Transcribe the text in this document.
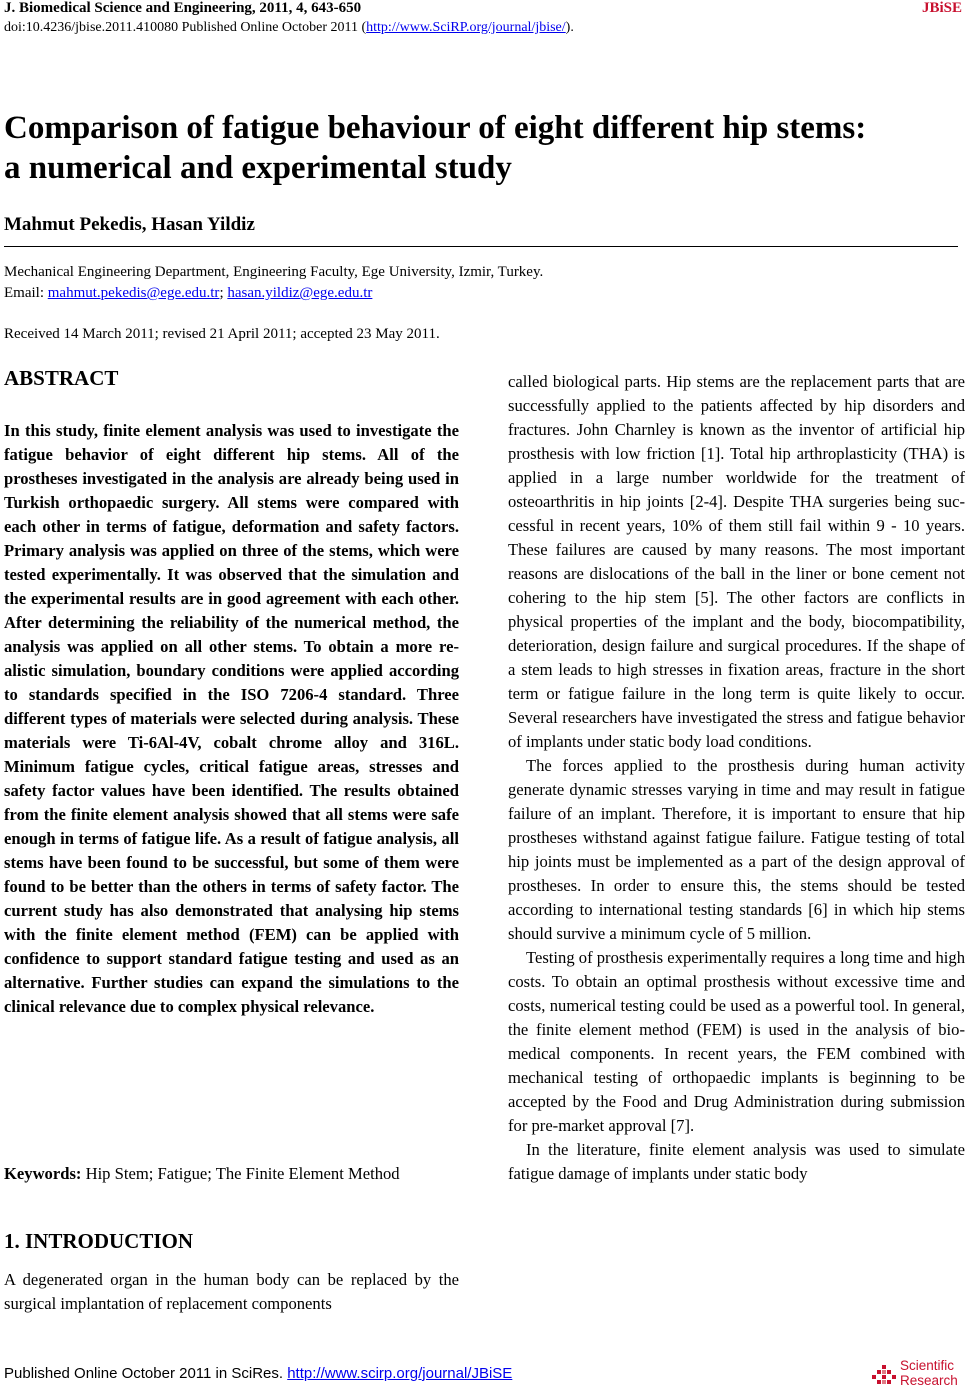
J. Biomedical Science and Engineering, 2011, 4, 643-650	JBiSE
doi:10.4236/jbise.2011.410080 Published Online October 2011 (http://www.SciRP.org/journal/jbise/).
Comparison of fatigue behaviour of eight different hip stems:
a numerical and experimental study
Mahmut Pekedis, Hasan Yildiz
Mechanical Engineering Department, Engineering Faculty, Ege University, Izmir, Turkey.
Email: mahmut.pekedis@ege.edu.tr; hasan.yildiz@ege.edu.tr
Received 14 March 2011; revised 21 April 2011; accepted 23 May 2011.
ABSTRACT
In this study, finite element analysis was used to investigate the fatigue behavior of eight different hip stems. All of the prostheses investigated in the analysis are already being used in Turkish orthopaedic surgery. All stems were compared with each other in terms of fatigue, deformation and safety factors. Primary analysis was applied on three of the stems, which were tested experimentally. It was observed that the simulation and the experimental results are in good agreement with each other. After determining the reliability of the numerical method, the analysis was applied on all other stems. To obtain a more realistic simulation, boundary conditions were applied according to standards specified in the ISO 7206-4 standard. Three different types of materials were selected during analysis. These materials were Ti-6Al-4V, cobalt chrome alloy and 316L. Minimum fatigue cycles, critical fatigue areas, stresses and safety factor values have been identified. The results obtained from the finite element analysis showed that all stems were safe enough in terms of fatigue life. As a result of fatigue analysis, all stems have been found to be successful, but some of them were found to be better than the others in terms of safety factor. The current study has also demonstrated that analysing hip stems with the finite element method (FEM) can be applied with confidence to support standard fatigue testing and used as an alternative. Further studies can expand the simulations to the clinical relevance due to complex physical relevance.
Keywords: Hip Stem; Fatigue; The Finite Element Method
1. INTRODUCTION
A degenerated organ in the human body can be replaced by the surgical implantation of replacement components

called biological parts. Hip stems are the replacement parts that are successfully applied to the patients affected by hip disorders and fractures. John Charnley is known as the inventor of artificial hip prosthesis with low friction [1]. Total hip arthroplasticity (THA) is applied in a large number worldwide for the treatment of osteoarthritis in hip joints [2-4]. Despite THA surgeries being successful in recent years, 10% of them still fail within 9 - 10 years. These failures are caused by many reasons. The most important reasons are dislocations of the ball in the liner or bone cement not cohering to the hip stem [5]. The other factors are conflicts in physical properties of the implant and the body, biocompatibility, deterioration, design failure and surgical procedures. If the shape of a stem leads to high stresses in fixation areas, fracture in the short term or fatigue failure in the long term is quite likely to occur. Several researchers have investigated the stress and fatigue behavior of implants under static body load conditions.

The forces applied to the prosthesis during human activity generate dynamic stresses varying in time and may result in fatigue failure of an implant. Therefore, it is important to ensure that hip prostheses withstand against fatigue failure. Fatigue testing of total hip joints must be implemented as a part of the design approval of prostheses. In order to ensure this, the stems should be tested according to international testing standards [6] in which hip stems should survive a minimum cycle of 5 million.

Testing of prosthesis experimentally requires a long time and high costs. To obtain an optimal prosthesis without excessive time and costs, numerical testing could be used as a powerful tool. In general, the finite element method (FEM) is used in the analysis of biomedical components. In recent years, the FEM combined with mechanical testing of orthopaedic implants is beginning to be accepted by the Food and Drug Administration during submission for pre-market approval [7].

In the literature, finite element analysis was used to simulate fatigue damage of implants under static body

Published Online October 2011 in SciRes. http://www.scirp.org/journal/JBiSE	Scientific
Research
